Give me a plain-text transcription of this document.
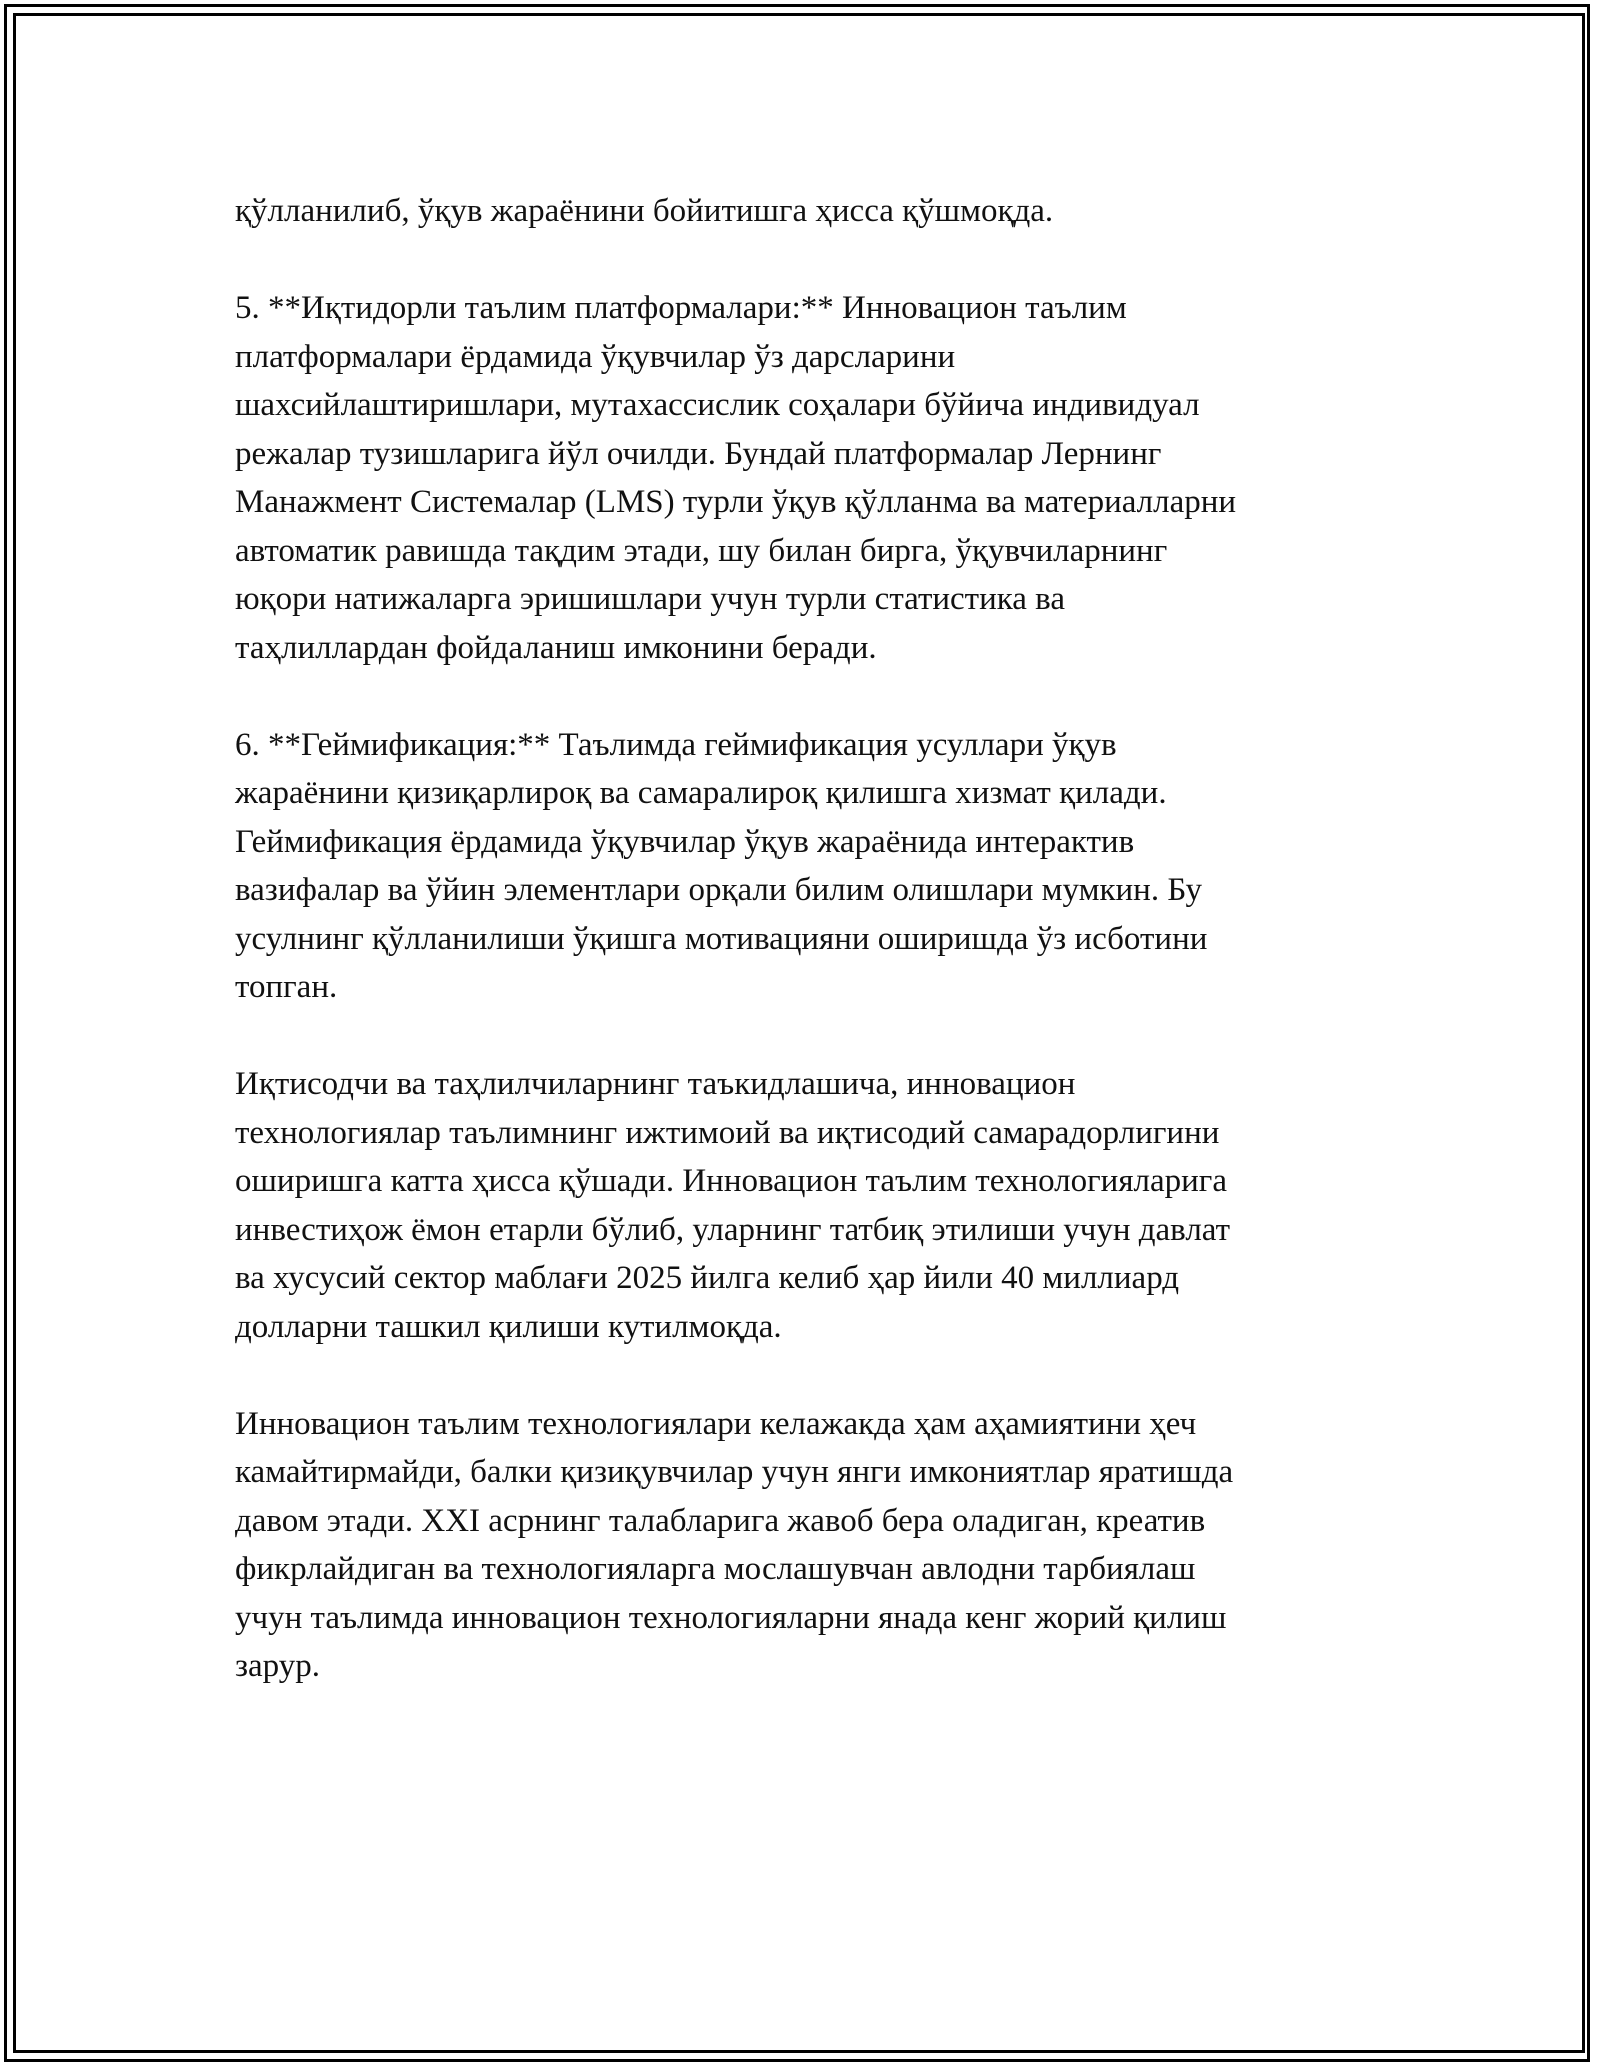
қўлланилиб, ўқув жараёнини бойитишга ҳисса қўшмоқда.

5. **Иқтидорли таълим платформалари:** Инновацион таълим
платформалари ёрдамида ўқувчилар ўз дарсларини
шахсийлаштиришлари, мутахассислик соҳалари бўйича индивидуал
режалар тузишларига йўл очилди. Бундай платформалар Лернинг
Манажмент Системалар (LMS) турли ўқув қўлланма ва материалларни
автоматик равишда тақдим этади, шу билан бирга, ўқувчиларнинг
юқори натижаларга эришишлари учун турли статистика ва
таҳлиллардан фойдаланиш имконини беради.

6. **Геймификация:** Таълимда геймификация усуллари ўқув
жараёнини қизиқарлироқ ва самаралироқ қилишга хизмат қилади.
Геймификация ёрдамида ўқувчилар ўқув жараёнида интерактив
вазифалар ва ўйин элементлари орқали билим олишлари мумкин. Бу
усулнинг қўлланилиши ўқишга мотивацияни оширишда ўз исботини
топган.

Иқтисодчи ва таҳлилчиларнинг таъкидлашича, инновацион
технологиялар таълимнинг ижтимоий ва иқтисодий самарадорлигини
оширишга катта ҳисса қўшади. Инновацион таълим технологияларига
инвестиҳож ёмон етарли бўлиб, уларнинг татбиқ этилиши учун давлат
ва хусусий сектор маблағи 2025 йилга келиб ҳар йили 40 миллиард
долларни ташкил қилиши кутилмоқда.

Инновацион таълим технологиялари келажакда ҳам аҳамиятини ҳеч
камайтирмайди, балки қизиқувчилар учун янги имкониятлар яратишда
давом этади. XXI асрнинг талабларига жавоб бера оладиган, креатив
фикрлайдиган ва технологияларга мослашувчан авлодни тарбиялаш
учун таълимда инновацион технологияларни янада кенг жорий қилиш
зарур.
